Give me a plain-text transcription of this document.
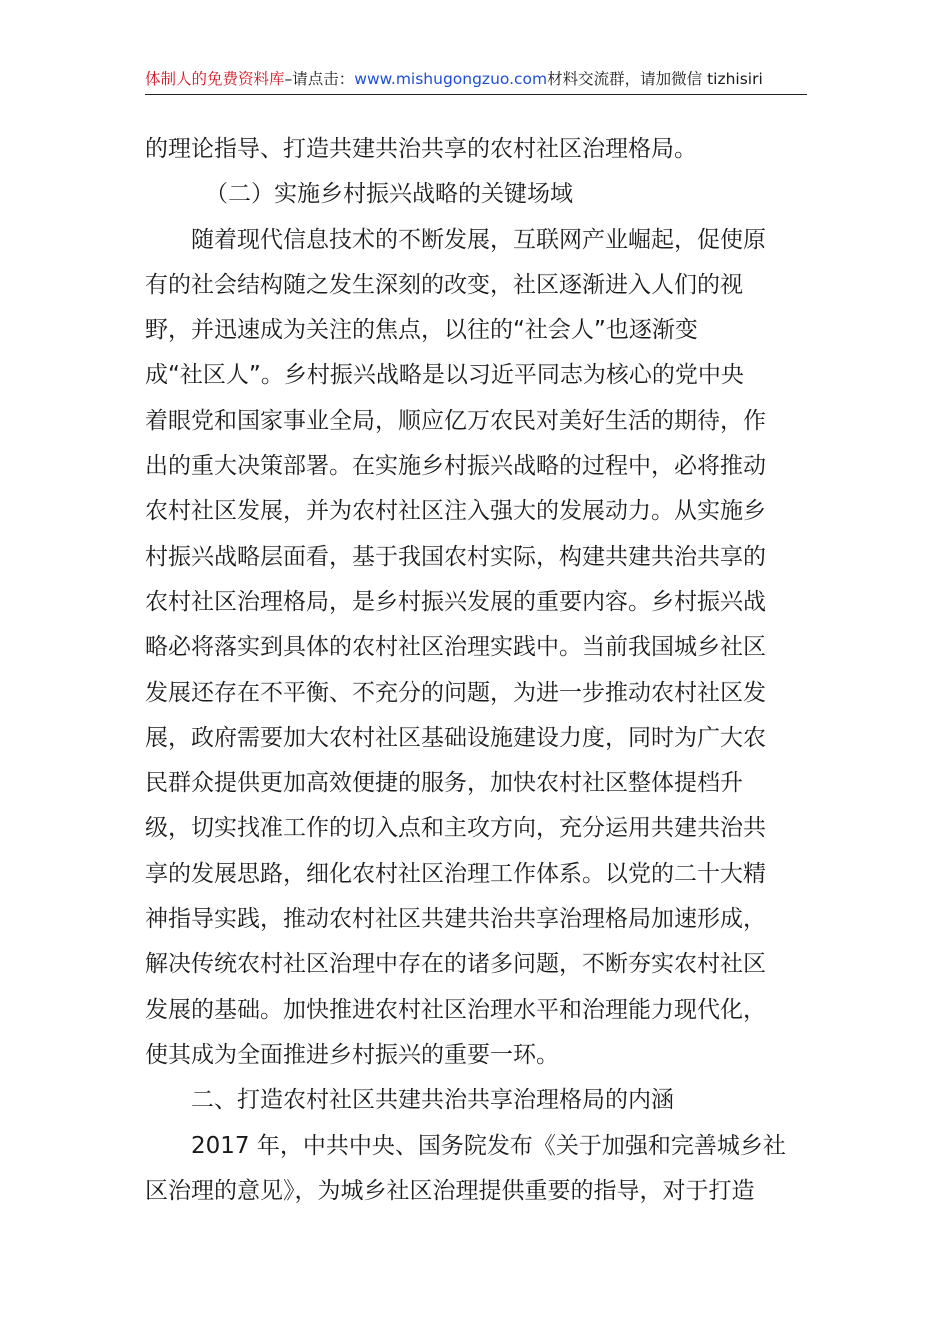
体制人的免费资料库–请点击：www.mishugongzuo.com材料交流群，请加微信 tizhisiri
的理论指导、打造共建共治共享的农村社区治理格局。
（二）实施乡村振兴战略的关键场域
随着现代信息技术的不断发展，互联网产业崛起，促使原
有的社会结构随之发生深刻的改变，社区逐渐进入人们的视
野，并迅速成为关注的焦点，以往的“社会人”也逐渐变
成“社区人”。乡村振兴战略是以习近平同志为核心的党中央
着眼党和国家事业全局，顺应亿万农民对美好生活的期待，作
出的重大决策部署。在实施乡村振兴战略的过程中，必将推动
农村社区发展，并为农村社区注入强大的发展动力。从实施乡
村振兴战略层面看，基于我国农村实际，构建共建共治共享的
农村社区治理格局，是乡村振兴发展的重要内容。乡村振兴战
略必将落实到具体的农村社区治理实践中。当前我国城乡社区
发展还存在不平衡、不充分的问题，为进一步推动农村社区发
展，政府需要加大农村社区基础设施建设力度，同时为广大农
民群众提供更加高效便捷的服务，加快农村社区整体提档升
级，切实找准工作的切入点和主攻方向，充分运用共建共治共
享的发展思路，细化农村社区治理工作体系。以党的二十大精
神指导实践，推动农村社区共建共治共享治理格局加速形成，
解决传统农村社区治理中存在的诸多问题，不断夯实农村社区
发展的基础。加快推进农村社区治理水平和治理能力现代化，
使其成为全面推进乡村振兴的重要一环。
二、打造农村社区共建共治共享治理格局的内涵
2017 年，中共中央、国务院发布《关于加强和完善城乡社
区治理的意见》，为城乡社区治理提供重要的指导，对于打造
